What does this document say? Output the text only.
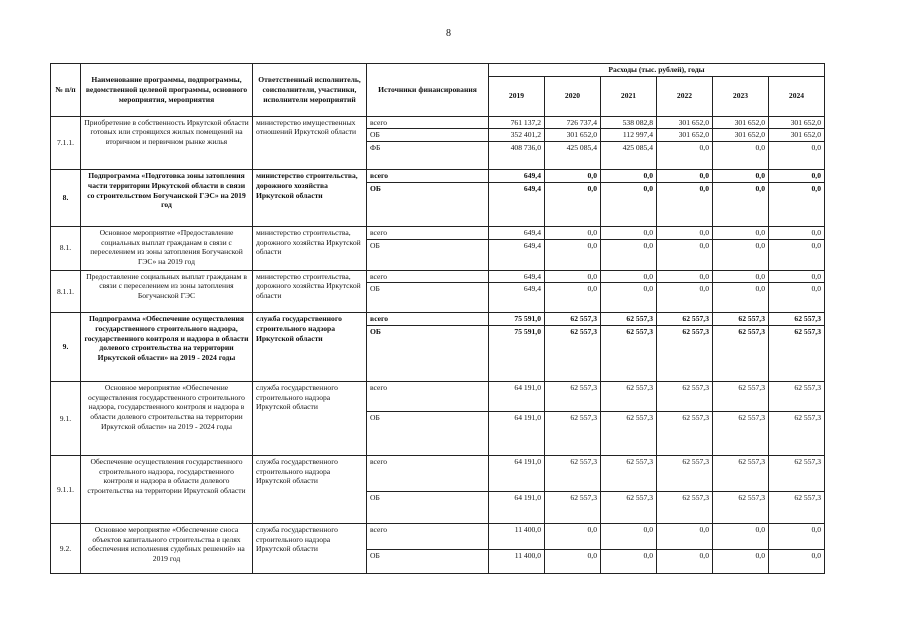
8
№ п/п	Наименование программы, подпрограммы, ведомственной целевой программы, основного мероприятия, мероприятия	Ответственный исполнитель, соисполнители, участники, исполнители мероприятий	Источники финансирования	Расходы (тыс. рублей), годы					
				2019	2020	2021	2022	2023	2024
7.1.1.	Приобретение в собственность Иркутской области готовых или строящихся жилых помещений на вторичном и первичном рынке жилья	министерство имущественных отношений Иркутской области	всего	761 137,2	726 737,4	538 082,8	301 652,0	301 652,0	301 652,0
			ОБ	352 401,2	301 652,0	112 997,4	301 652,0	301 652,0	301 652,0
			ФБ	408 736,0	425 085,4	425 085,4	0,0	0,0	0,0
8.	Подпрограмма «Подготовка зоны затопления части территории Иркутской области в связи со строительством Богучанской ГЭС» на 2019 год	министерство строительства, дорожного хозяйства Иркутской области	всего	649,4	0,0	0,0	0,0	0,0	0,0
			ОБ	649,4	0,0	0,0	0,0	0,0	0,0
8.1.	Основное мероприятие «Предоставление социальных выплат гражданам в связи с переселением из зоны затопления Богучанской ГЭС» на 2019 год	министерство строительства, дорожного хозяйства Иркутской области	всего	649,4	0,0	0,0	0,0	0,0	0,0
			ОБ	649,4	0,0	0,0	0,0	0,0	0,0
8.1.1.	Предоставление социальных выплат гражданам в связи с переселением из зоны затопления Богучанской ГЭС	министерство строительства, дорожного хозяйства Иркутской области	всего	649,4	0,0	0,0	0,0	0,0	0,0
			ОБ	649,4	0,0	0,0	0,0	0,0	0,0
9.	Подпрограмма «Обеспечение осуществления государственного строительного надзора, государственного контроля и надзора в области долевого строительства на территории Иркутской области» на 2019 - 2024 годы	служба государственного строительного надзора Иркутской области	всего	75 591,0	62 557,3	62 557,3	62 557,3	62 557,3	62 557,3
			ОБ	75 591,0	62 557,3	62 557,3	62 557,3	62 557,3	62 557,3
9.1.	Основное мероприятие «Обеспечение осуществления государственного строительного надзора, государственного контроля и надзора в области долевого строительства на территории Иркутской области» на 2019 - 2024 годы	служба государственного строительного надзора Иркутской области	всего	64 191,0	62 557,3	62 557,3	62 557,3	62 557,3	62 557,3
			ОБ	64 191,0	62 557,3	62 557,3	62 557,3	62 557,3	62 557,3
9.1.1.	Обеспечение осуществления государственного строительного надзора, государственного контроля и надзора в области долевого строительства на территории Иркутской области	служба государственного строительного надзора Иркутской области	всего	64 191,0	62 557,3	62 557,3	62 557,3	62 557,3	62 557,3
			ОБ	64 191,0	62 557,3	62 557,3	62 557,3	62 557,3	62 557,3
9.2.	Основное мероприятие «Обеспечение сноса объектов капитального строительства в целях обеспечения исполнения судебных решений» на 2019 год	служба государственного строительного надзора Иркутской области	всего	11 400,0	0,0	0,0	0,0	0,0	0,0
			ОБ	11 400,0	0,0	0,0	0,0	0,0	0,0
